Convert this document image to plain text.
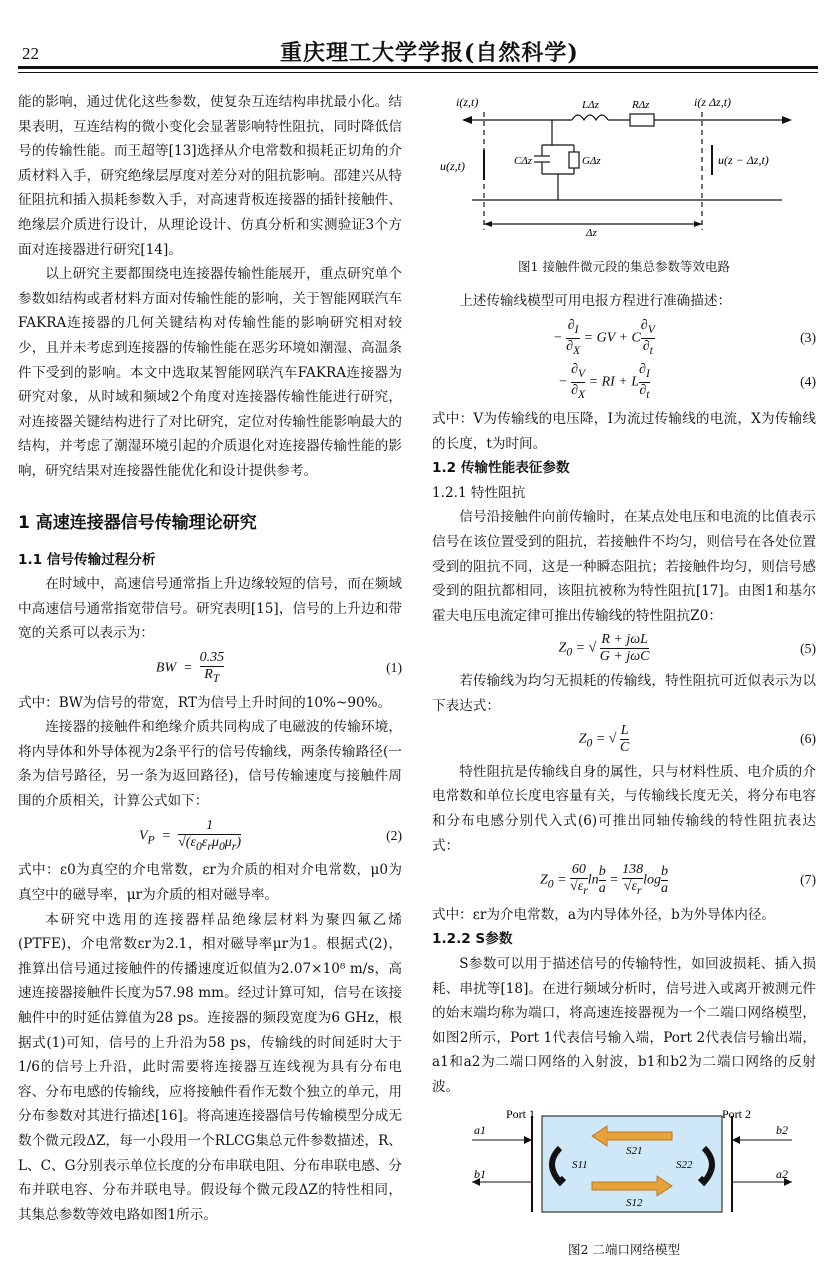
22	重庆理工大学学报(自然科学)

能的影响，通过优化这些参数，使复杂互连结构串扰最小化。结果表明，互连结构的微小变化会显著影响特性阻抗，同时降低信号的传输性能。而王超等[13]选择从介电常数和损耗正切角的介质材料入手，研究绝缘层厚度对差分对的阻抗影响。邵建兴从特征阻抗和插入损耗参数入手，对高速背板连接器的插针接触件、绝缘层介质进行设计，从理论设计、仿真分析和实测验证3个方面对连接器进行研究[14]。

以上研究主要都围绕电连接器传输性能展开，重点研究单个参数如结构或者材料方面对传输性能的影响，关于智能网联汽车FAKRA连接器的几何关键结构对传输性能的影响研究相对较少，且并未考虑到连接器的传输性能在恶劣环境如潮湿、高温条件下受到的影响。本文中选取某智能网联汽车FAKRA连接器为研究对象，从时域和频域2个角度对连接器传输性能进行研究，对连接器关键结构进行了对比研究，定位对传输性能影响最大的结构，并考虑了潮湿环境引起的介质退化对连接器传输性能的影响，研究结果对连接器性能优化和设计提供参考。

1 高速连接器信号传输理论研究
1.1 信号传输过程分析

在时域中，高速信号通常指上升边缘较短的信号，而在频域中高速信号通常指宽带信号。研究表明[15]，信号的上升边和带宽的关系可以表示为：

BW  = $\frac{0.35}{R_T}$	(1)

式中：BW为信号的带宽，RT为信号上升时间的10%~90%。

连接器的接触件和绝缘介质共同构成了电磁波的传输环境，将内导体和外导体视为2条平行的信号传输线，两条传输路径(一条为信号路径，另一条为返回路径)，信号传输速度与接触件周围的介质相关，计算公式如下：

$V_P = \frac{1}{√(\varepsilon_0\varepsilon_r\mu_0\mu_r)}$	(2)

式中：ε0为真空的介电常数，εr为介质的相对介电常数，μ0为真空中的磁导率，μr为介质的相对磁导率。

本研究中选用的连接器样品绝缘层材料为聚四氟乙烯(PTFE)，介电常数εr为2.1，相对磁导率μr为1。根据式(2)，推算出信号通过接触件的传播速度近似值为2.07×10⁸ m/s，高速连接器接触件长度为57.98 mm。经过计算可知，信号在该接触件中的时延估算值为28 ps。连接器的频段宽度为6 GHz，根据式(1)可知，信号的上升沿为58 ps，传输线的时间延时大于1/6的信号上升沿，此时需要将连接器互连线视为具有分布电容、分布电感的传输线，应将接触件看作无数个独立的单元，用分布参数对其进行描述[16]。将高速连接器信号传输模型分成无数个微元段ΔZ，每一小段用一个RLCG集总元件参数描述，R、L、C、G分别表示单位长度的分布串联电阻、分布串联电感、分布并联电容、分布并联电导。假设每个微元段ΔZ的特性相同，其集总参数等效电路如图1所示。

i(z,t)	i(z Δz,t)
u(z,t)	u(z − Δz,t)
LΔz	RΔz
CΔz	GΔz
Δz
图1 接触件微元段的集总参数等效电路

上述传输线模型可用电报方程进行准确描述：

− $\frac{\partial_I}{\partial_X}$ = GV + C $\frac{\partial_V}{\partial_t}$	(3)
− $\frac{\partial_V}{\partial_X}$ = RI + L $\frac{\partial_I}{\partial_t}$	(4)

式中：V为传输线的电压降，I为流过传输线的电流，X为传输线的长度，t为时间。

1.2 传输性能表征参数
1.2.1 特性阻抗

信号沿接触件向前传输时，在某点处电压和电流的比值表示信号在该位置受到的阻抗，若接触件不均匀，则信号在各处位置受到的阻抗不同，这是一种瞬态阻抗；若接触件均匀，则信号感受到的阻抗都相同，该阻抗被称为特性阻抗[17]。由图1和基尔霍夫电压电流定律可推出传输线的特性阻抗Z0：

$Z_0$ = √ $\frac{\text{R + jωL}}{\text{G + jωC}}$	(5)

若传输线为均匀无损耗的传输线，特性阻抗可近似表示为以下表达式：

$Z_0$ = √ $\frac{L}{C}$	(6)

特性阻抗是传输线自身的属性，只与材料性质、电介质的介电常数和单位长度电容量有关，与传输线长度无关，将分布电容和分布电感分别代入式(6)可推出同轴传输线的特性阻抗表达式：

$Z_0 = \frac{60}{√\varepsilon_r}$ $\ln \frac{b}{a} = \frac{138}{√\varepsilon_r}$ $\log \frac{b}{a}$	(7)

式中：εr为介电常数，a为内导体外径，b为外导体内径。

1.2.2 S参数

S参数可以用于描述信号的传输特性，如回波损耗、插入损耗、串扰等[18]。在进行频域分析时，信号进入或离开被测元件的始末端均称为端口，将高速连接器视为一个二端口网络模型，如图2所示，Port 1代表信号输入端，Port 2代表信号输出端，a1和a2为二端口网络的入射波，b1和b2为二端口网络的反射波。

Port 1	Port 2
a1
b1
b2
a2
S11
S21
S22
S12
图2 二端口网络模型
